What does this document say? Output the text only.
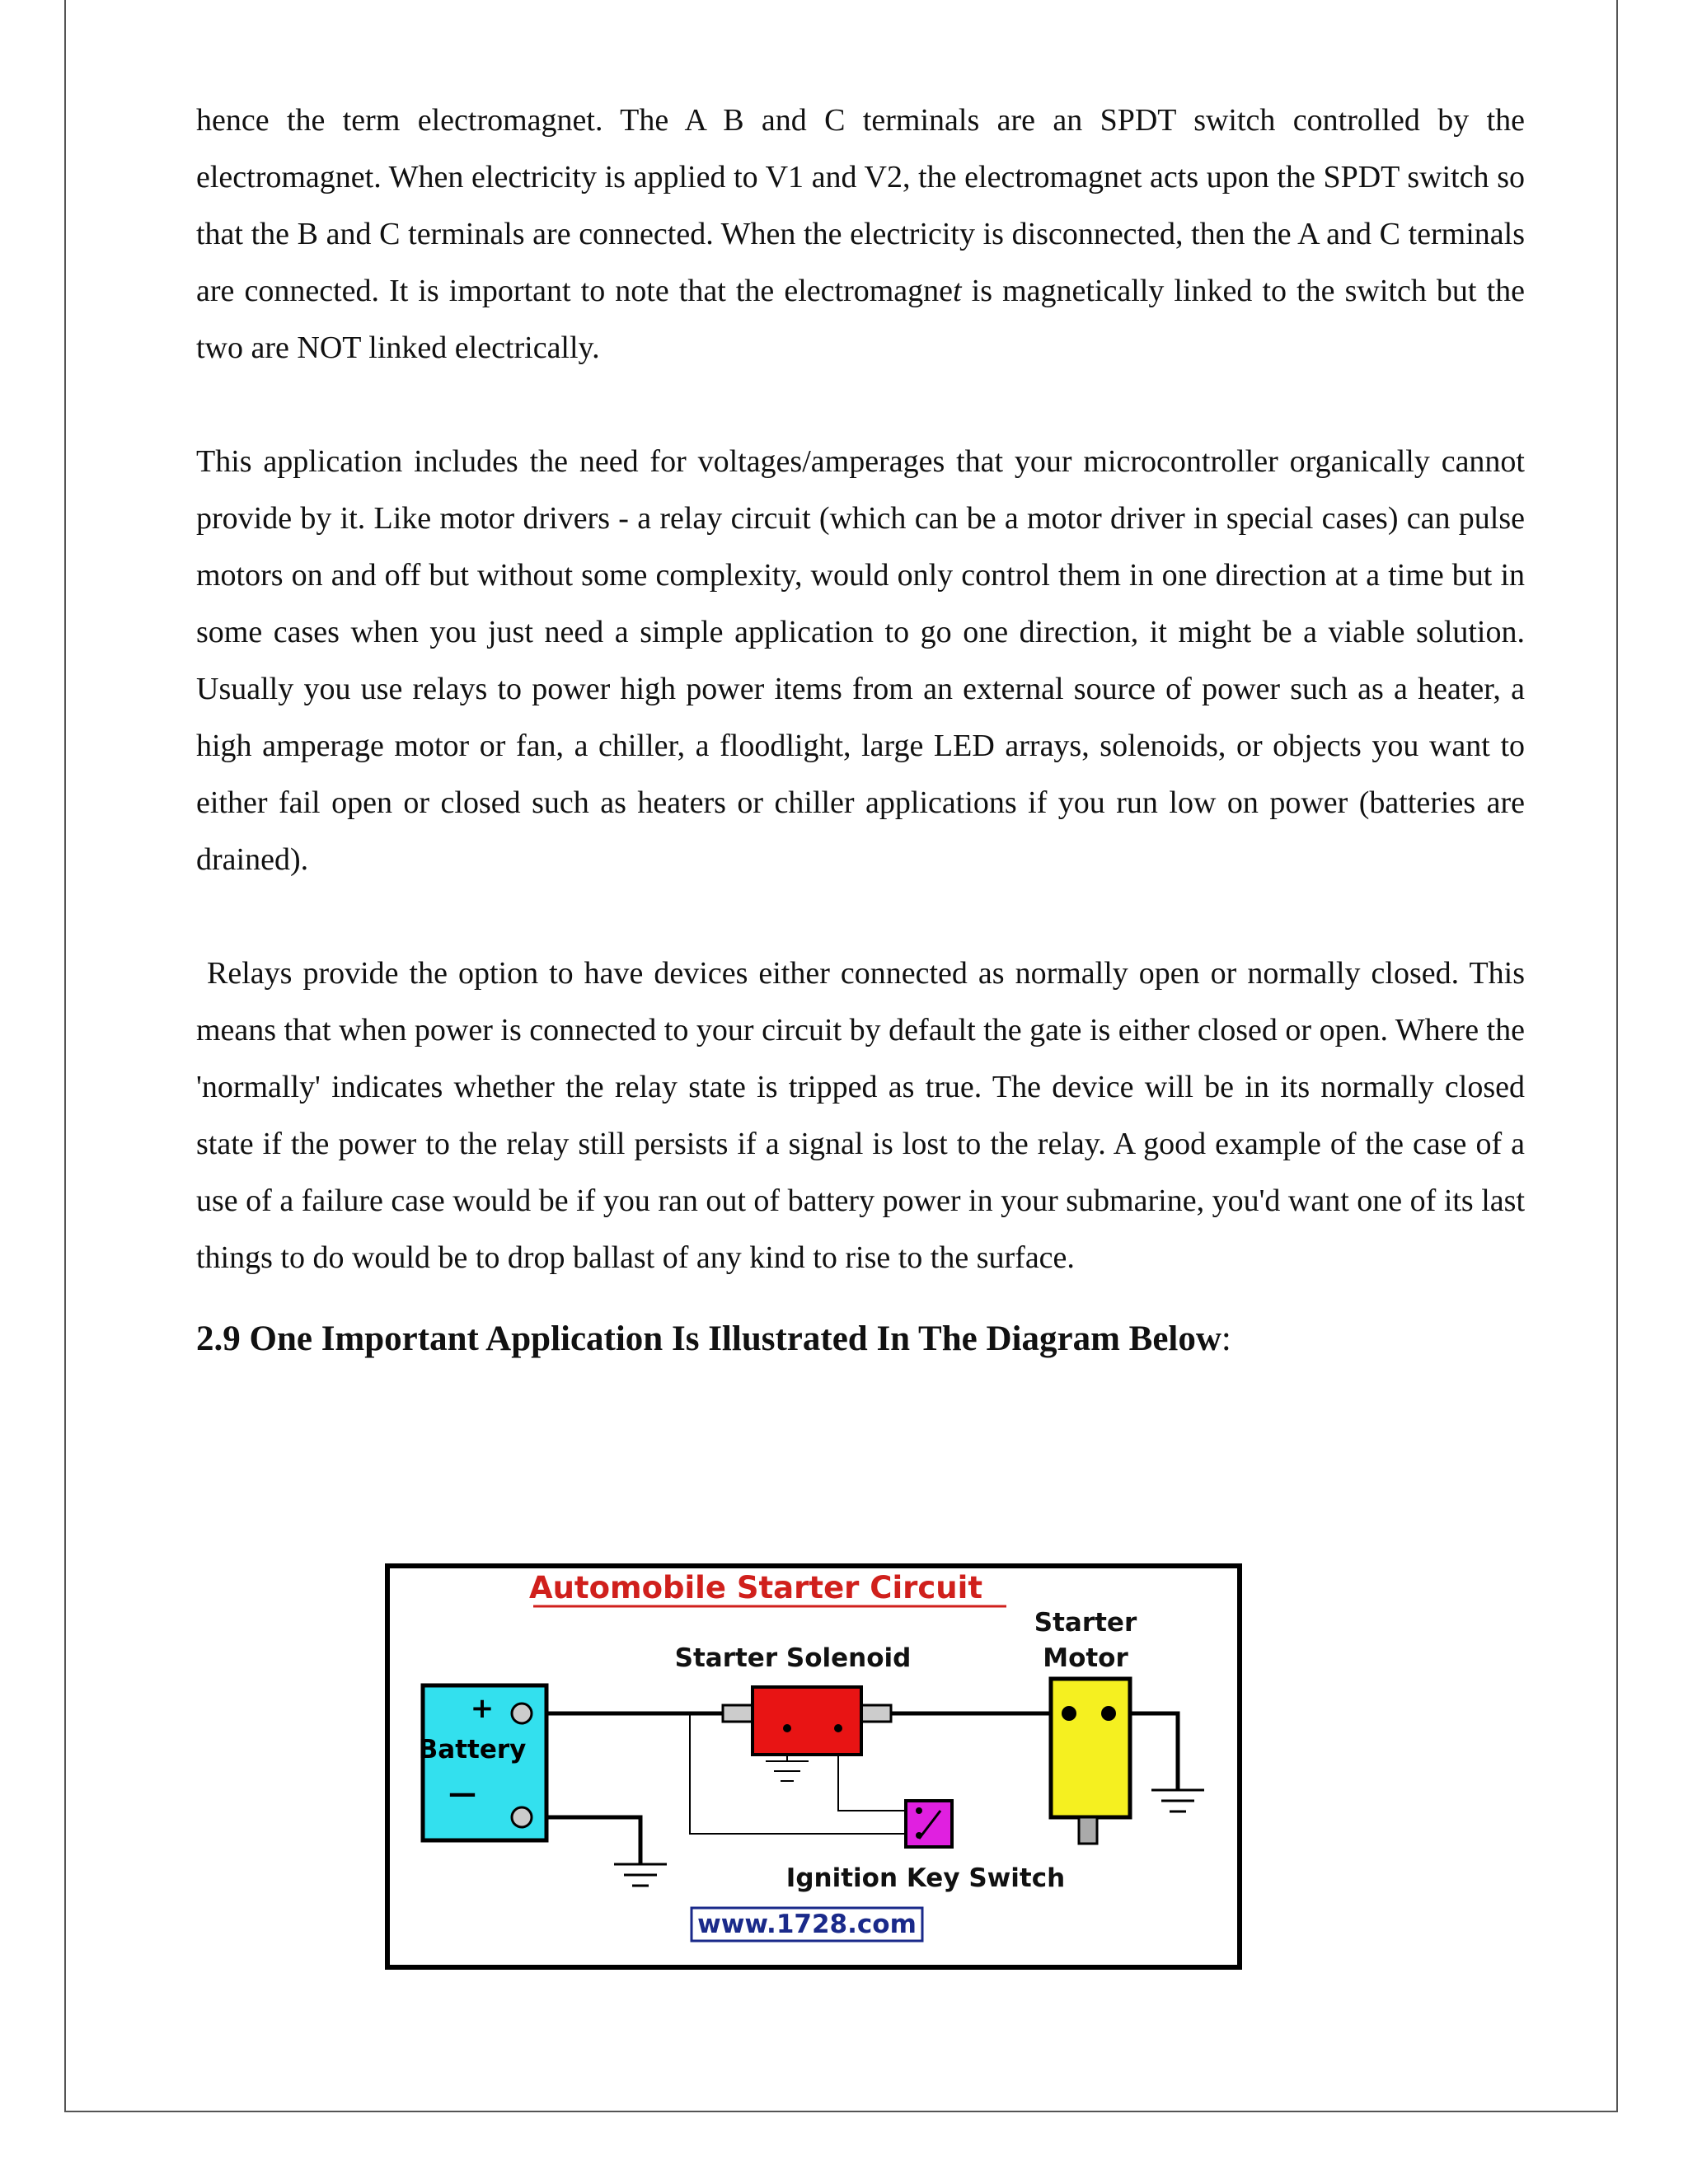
hence the term electromagnet. The A B and C terminals are an SPDT switch controlled by the electromagnet. When electricity is applied to V1 and V2, the electromagnet acts upon the SPDT switch so that the B and C terminals are connected. When the electricity is disconnected, then the A and C terminals are connected. It is important to note that the electromagnet is magnetically linked to the switch but the two are NOT linked electrically.

This application includes the need for voltages/amperages that your microcontroller organically cannot provide by it. Like motor drivers - a relay circuit (which can be a motor driver in special cases) can pulse motors on and off but without some complexity, would only control them in one direction at a time but in some cases when you just need a simple application to go one direction, it might be a viable solution. Usually you use relays to power high power items from an external source of power such as a heater, a high amperage motor or fan, a chiller, a floodlight, large LED arrays, solenoids, or objects you want to either fail open or closed such as heaters or chiller applications if you run low on power (batteries are drained).

Relays provide the option to have devices either connected as normally open or normally closed. This means that when power is connected to your circuit by default the gate is either closed or open. Where the 'normally' indicates whether the relay state is tripped as true. The device will be in its normally closed state if the power to the relay still persists if a signal is lost to the relay. A good example of the case of a use of a failure case would be if you ran out of battery power in your submarine, you'd want one of its last things to do would be to drop ballast of any kind to rise to the surface.

2.9 One Important Application Is Illustrated In The Diagram Below:
Automobile Starter Circuit
Starter
Motor
Starter Solenoid
+
Battery
—
Ignition Key Switch
www.1728.com
